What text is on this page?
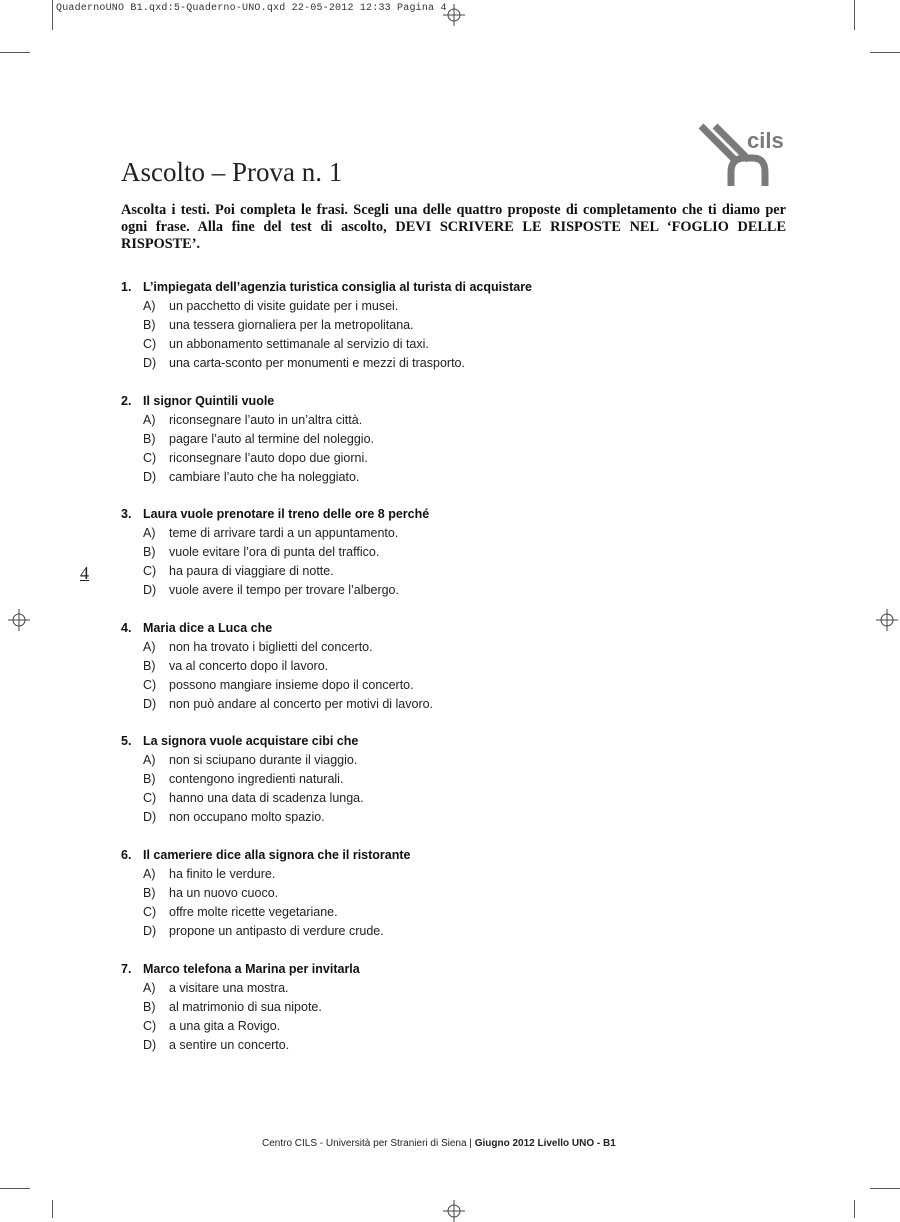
QuadernoUNO B1.qxd:5-Quaderno-UNO.qxd 22-05-2012 12:33 Pagina 4
cils
Ascolto – Prova n. 1

Ascolta i testi. Poi completa le frasi. Scegli una delle quattro proposte di completamento che ti diamo per ogni frase. Alla fine del test di ascolto, DEVI SCRIVERE LE RISPOSTE NEL ‘FOGLIO DELLE RISPOSTE’.

1. L’impiegata dell’agenzia turistica consiglia al turista di acquistare
A) un pacchetto di visite guidate per i musei.
B) una tessera giornaliera per la metropolitana.
C) un abbonamento settimanale al servizio di taxi.
D) una carta-sconto per monumenti e mezzi di trasporto.
2. Il signor Quintili vuole
A) riconsegnare l’auto in un’altra città.
B) pagare l’auto al termine del noleggio.
C) riconsegnare l’auto dopo due giorni.
D) cambiare l’auto che ha noleggiato.
3. Laura vuole prenotare il treno delle ore 8 perché
A) teme di arrivare tardi a un appuntamento.
B) vuole evitare l’ora di punta del traffico.
C) ha paura di viaggiare di notte.
D) vuole avere il tempo per trovare l’albergo.
4. Maria dice a Luca che
A) non ha trovato i biglietti del concerto.
B) va al concerto dopo il lavoro.
C) possono mangiare insieme dopo il concerto.
D) non può andare al concerto per motivi di lavoro.
5. La signora vuole acquistare cibi che
A) non si sciupano durante il viaggio.
B) contengono ingredienti naturali.
C) hanno una data di scadenza lunga.
D) non occupano molto spazio.
6. Il cameriere dice alla signora che il ristorante
A) ha finito le verdure.
B) ha un nuovo cuoco.
C) offre molte ricette vegetariane.
D) propone un antipasto di verdure crude.
7. Marco telefona a Marina per invitarla
A) a visitare una mostra.
B) al matrimonio di sua nipote.
C) a una gita a Rovigo.
D) a sentire un concerto.

4

Centro CILS - Università per Stranieri di Siena | Giugno 2012 Livello UNO - B1
